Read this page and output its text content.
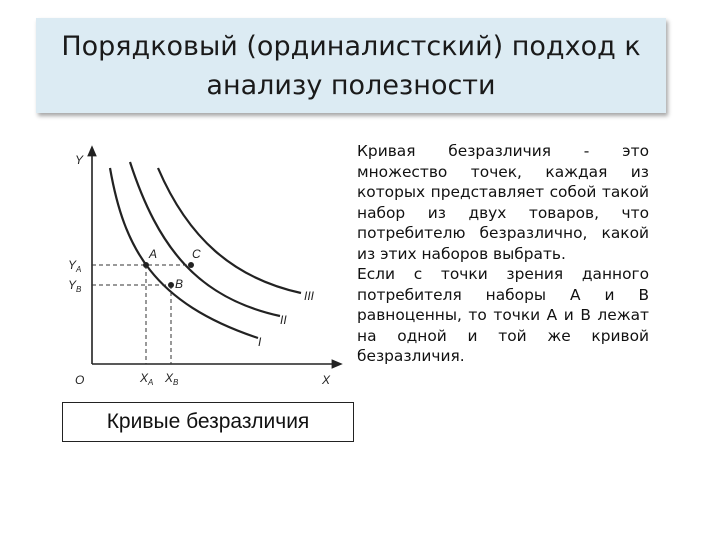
Порядковый (ординалистский) подход к анализу полезности
A
B
C
I
II
III
Y
X
O
$Y_A$
$Y_B$
$X_A$ $X_B$
Кривые безразличия

Кривая безразличия - это множество точек, каждая из которых представляет собой такой набор из двух товаров, что потребителю безразлично, какой из этих наборов выбрать.

Если с точки зрения данного потребителя наборы А и В равноценны, то точки А и В лежат на одной и той же кривой безразличия.
